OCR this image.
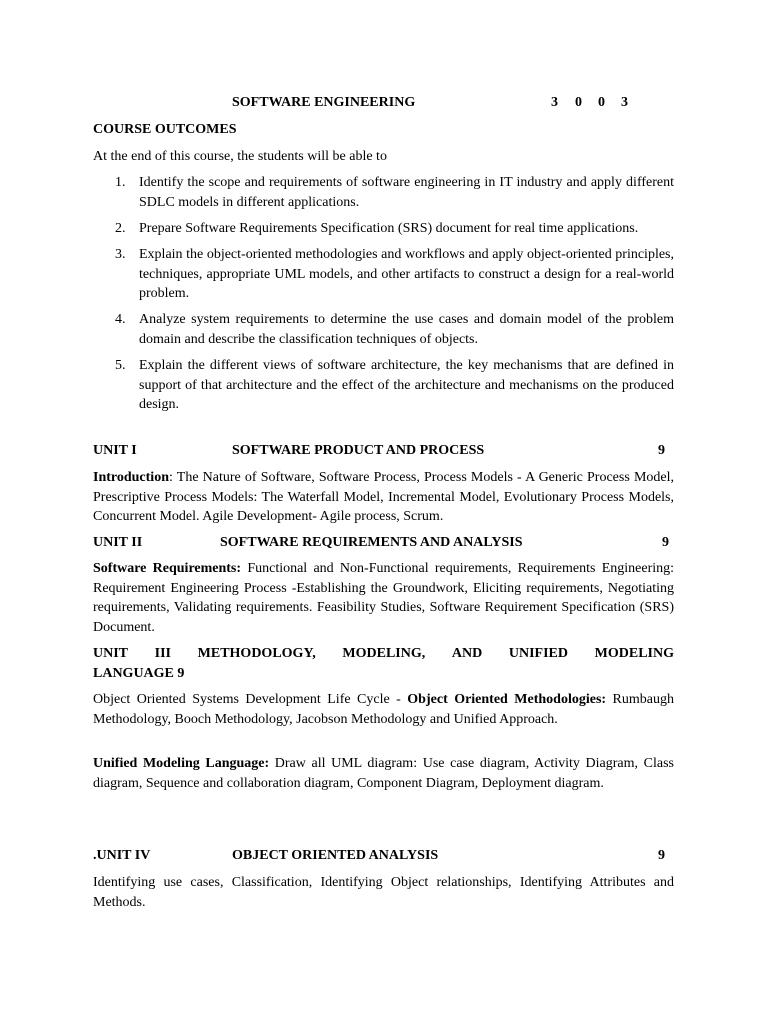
SOFTWARE ENGINEERING	3 0 0 3
COURSE OUTCOMES
At the end of this course, the students will be able to
1. Identify the scope and requirements of software engineering in IT industry and apply different SDLC models in different applications.
2. Prepare Software Requirements Specification (SRS) document for real time applications.
3. Explain the object-oriented methodologies and workflows and apply object-oriented principles, techniques, appropriate UML models, and other artifacts to construct a design for a real-world problem.
4. Analyze system requirements to determine the use cases and domain model of the problem domain and describe the classification techniques of objects.
5. Explain the different views of software architecture, the key mechanisms that are defined in support of that architecture and the effect of the architecture and mechanisms on the produced design.
UNIT I	SOFTWARE PRODUCT AND PROCESS	9
Introduction: The Nature of Software, Software Process, Process Models - A Generic Process Model, Prescriptive Process Models: The Waterfall Model, Incremental Model, Evolutionary Process Models, Concurrent Model. Agile Development- Agile process, Scrum.
UNIT II	SOFTWARE REQUIREMENTS AND ANALYSIS	9
Software Requirements: Functional and Non-Functional requirements, Requirements Engineering: Requirement Engineering Process -Establishing the Groundwork, Eliciting requirements, Negotiating requirements, Validating requirements. Feasibility Studies, Software Requirement Specification (SRS) Document.
UNIT III METHODOLOGY, MODELING, AND UNIFIED MODELING
LANGUAGE 9
Object Oriented Systems Development Life Cycle - Object Oriented Methodologies: Rumbaugh Methodology, Booch Methodology, Jacobson Methodology and Unified Approach.
Unified Modeling Language: Draw all UML diagram: Use case diagram, Activity Diagram, Class diagram, Sequence and collaboration diagram, Component Diagram, Deployment diagram.
.UNIT IV	OBJECT ORIENTED ANALYSIS	9
Identifying use cases, Classification, Identifying Object relationships, Identifying Attributes and Methods.
